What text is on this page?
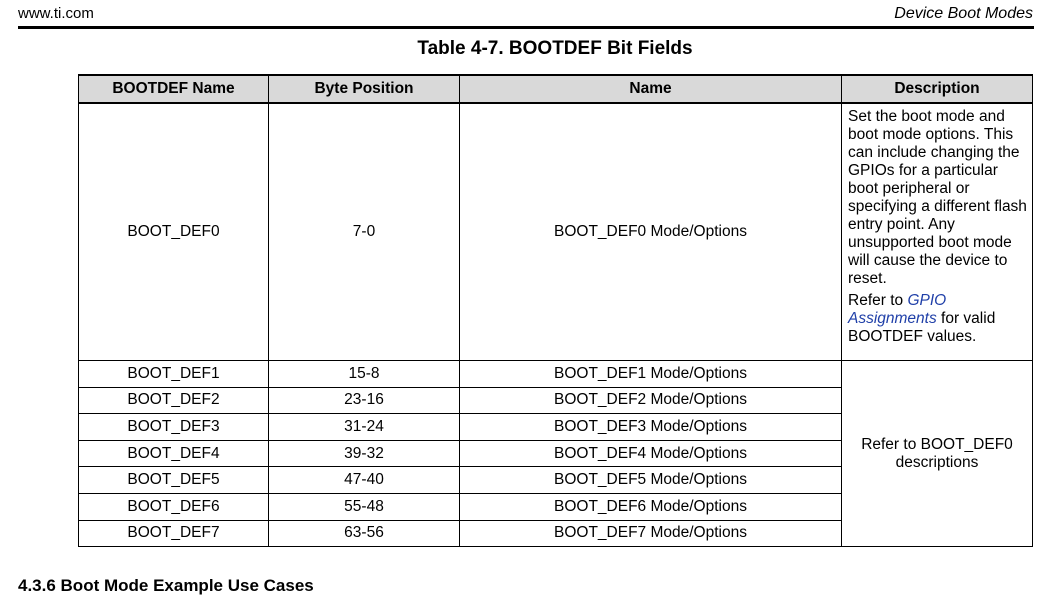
www.ti.com	Device Boot Modes
Table 4-7. BOOTDEF Bit Fields
BOOTDEF Name	Byte Position	Name	Description
BOOT_DEF0	7-0	BOOT_DEF0 Mode/Options	Set the boot mode and boot mode options. This can include changing the GPIOs for a particular boot peripheral or specifying a different flash entry point. Any unsupported boot mode will cause the device to reset.

Refer to GPIO Assignments for valid BOOTDEF values.

BOOT_DEF1	15-8	BOOT_DEF1 Mode/Options	Refer to BOOT_DEF0 descriptions
BOOT_DEF2	23-16	BOOT_DEF2 Mode/Options	
BOOT_DEF3	31-24	BOOT_DEF3 Mode/Options	
BOOT_DEF4	39-32	BOOT_DEF4 Mode/Options	
BOOT_DEF5	47-40	BOOT_DEF5 Mode/Options	
BOOT_DEF6	55-48	BOOT_DEF6 Mode/Options	
BOOT_DEF7	63-56	BOOT_DEF7 Mode/Options	
4.3.6 Boot Mode Example Use Cases
